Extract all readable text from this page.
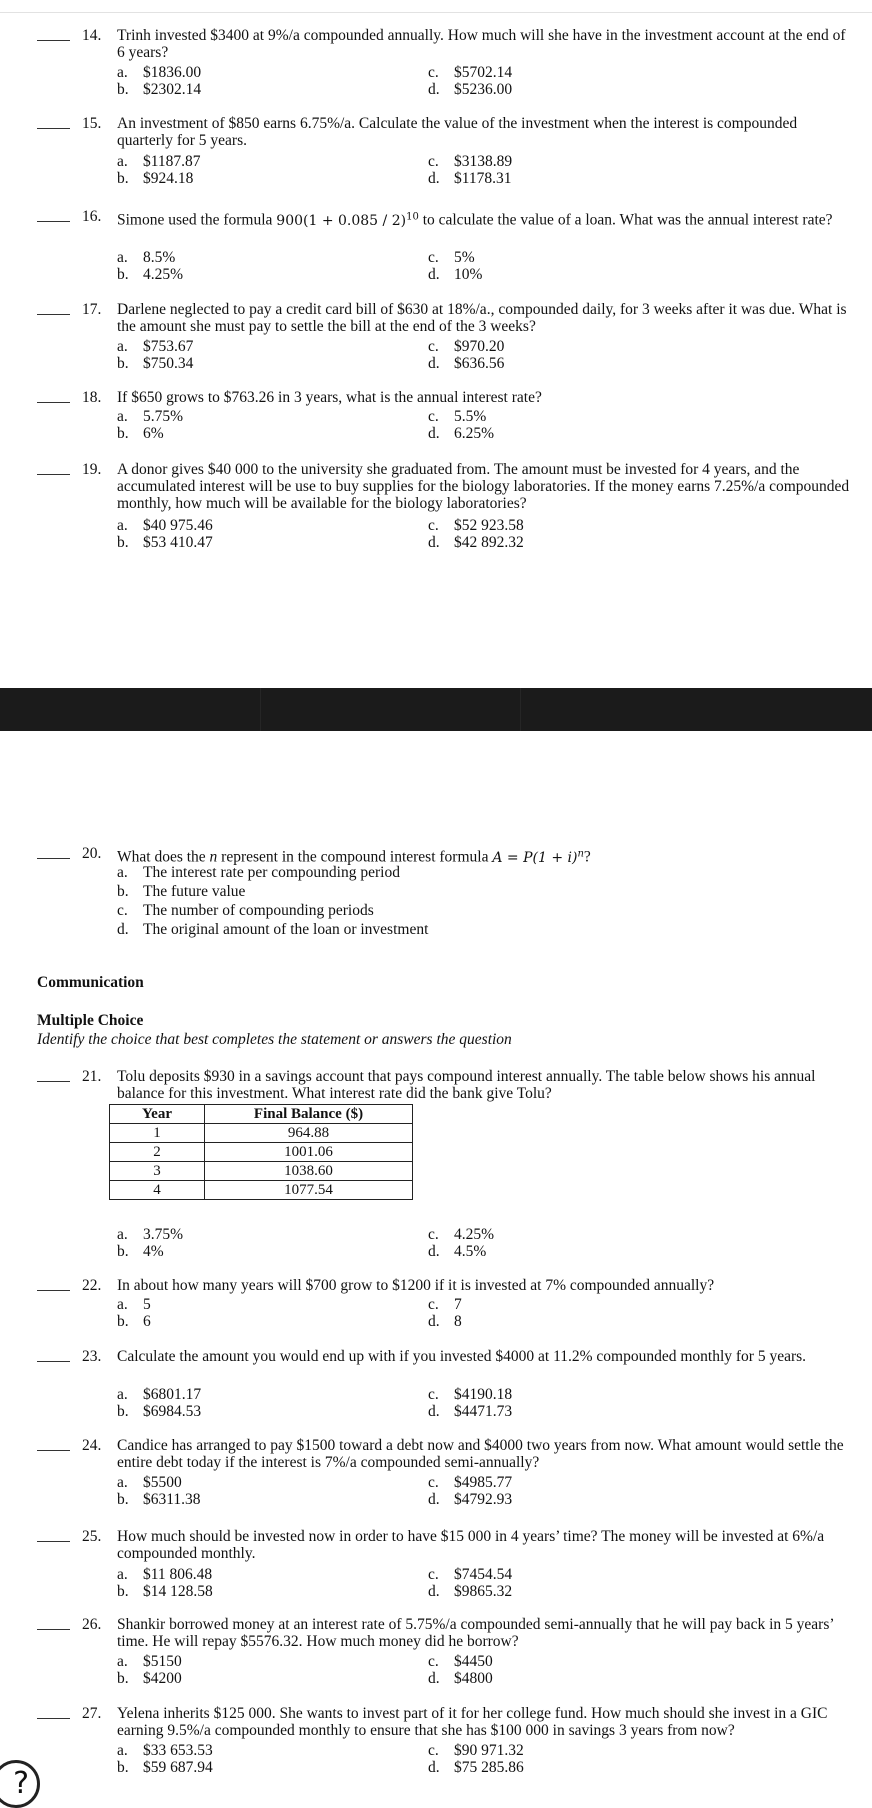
14.	Trinh invested $3400 at 9%/a compounded annually. How much will she have in the investment account at the end of 6 years?
a. $1836.00	c. $5702.14
b. $2302.14	d. $5236.00
15.	An investment of $850 earns 6.75%/a. Calculate the value of the investment when the interest is compounded quarterly for 5 years.
a. $1187.87	c. $3138.89
b. $924.18	d. $1178.31
16.	Simone used the formula $900(1 + 0.085 / 2)^{10}$ to calculate the value of a loan. What was the annual interest rate?
a. 8.5%	c. 5%
b. 4.25%	d. 10%
17.	Darlene neglected to pay a credit card bill of $630 at 18%/a., compounded daily, for 3 weeks after it was due. What is the amount she must pay to settle the bill at the end of the 3 weeks?
a. $753.67	c. $970.20
b. $750.34	d. $636.56
18.	If $650 grows to $763.26 in 3 years, what is the annual interest rate?
a. 5.75%	c. 5.5%
b. 6%	d. 6.25%
19.	A donor gives $40 000 to the university she graduated from. The amount must be invested for 4 years, and the accumulated interest will be use to buy supplies for the biology laboratories. If the money earns 7.25%/a compounded monthly, how much will be available for the biology laboratories?
a. $40 975.46	c. $52 923.58
b. $53 410.47	d. $42 892.32
20.	What does the n represent in the compound interest formula $A = P(1 + i)^n$?
a. The interest rate per compounding period
b. The future value
c. The number of compounding periods
d. The original amount of the loan or investment
Communication
Multiple Choice
Identify the choice that best completes the statement or answers the question
21.	Tolu deposits $930 in a savings account that pays compound interest annually. The table below shows his annual balance for this investment. What interest rate did the bank give Tolu?
a. 3.75%	c. 4.25%
b. 4%	d. 4.5%
Year	Final Balance ($)
1	964.88
2	1001.06
3	1038.60
4	1077.54
22.	In about how many years will $700 grow to $1200 if it is invested at 7% compounded annually?
a. 5	c. 7
b. 6	d. 8
23.	Calculate the amount you would end up with if you invested $4000 at 11.2% compounded monthly for 5 years.
a. $6801.17	c. $4190.18
b. $6984.53	d. $4471.73
24.	Candice has arranged to pay $1500 toward a debt now and $4000 two years from now. What amount would settle the entire debt today if the interest is 7%/a compounded semi-annually?
a. $5500	c. $4985.77
b. $6311.38	d. $4792.93
25.	How much should be invested now in order to have $15 000 in 4 years’ time? The money will be invested at 6%/a compounded monthly.
a. $11 806.48	c. $7454.54
b. $14 128.58	d. $9865.32
26.	Shankir borrowed money at an interest rate of 5.75%/a compounded semi-annually that he will pay back in 5 years’ time. He will repay $5576.32. How much money did he borrow?
a. $5150	c. $4450
b. $4200	d. $4800
27.	Yelena inherits $125 000. She wants to invest part of it for her college fund. How much should she invest in a GIC earning 9.5%/a compounded monthly to ensure that she has $100 000 in savings 3 years from now?
a. $33 653.53	c. $90 971.32
b. $59 687.94	d. $75 285.86
?
